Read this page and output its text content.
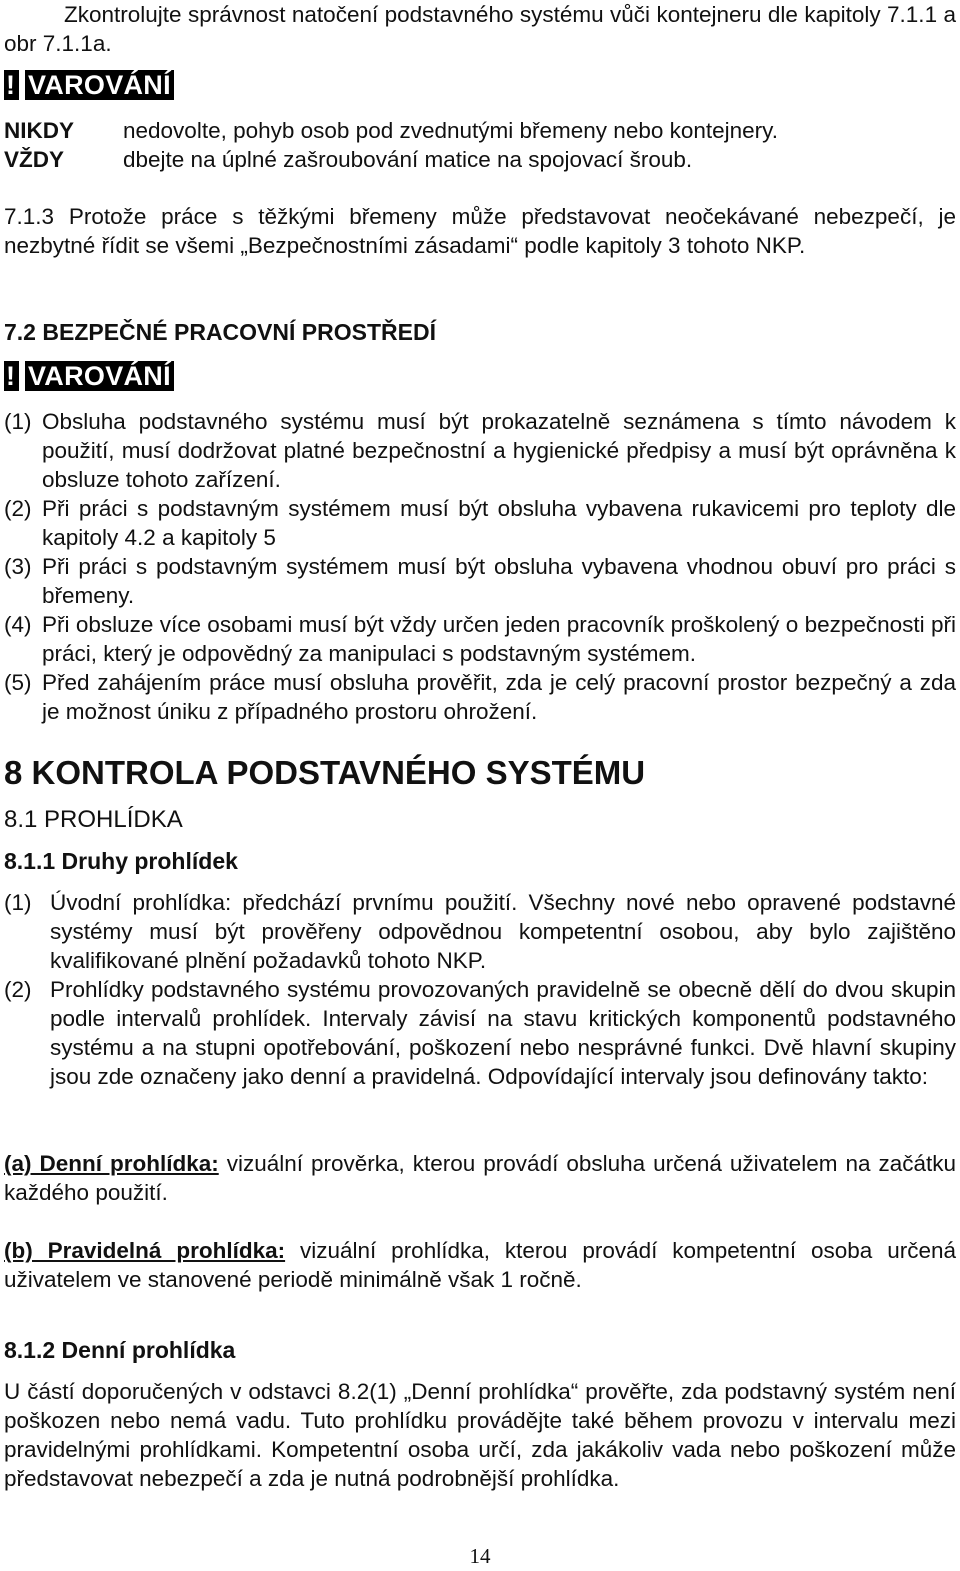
Zkontrolujte správnost natočení podstavného systému vůči kontejneru dle kapitoly 7.1.1 a obr 7.1.1a.

! VAROVÁNÍ
NIKDY nedovolte, pohyb osob pod zvednutými břemeny nebo kontejnery.
VŽDY	dbejte na úplné zašroubování matice na spojovací šroub.

7.1.3 Protože práce s těžkými břemeny může představovat neočekávané nebezpečí, je nezbytné řídit se všemi „Bezpečnostními zásadami“ podle kapitoly 3 tohoto NKP.

7.2 BEZPEČNÉ PRACOVNÍ PROSTŘEDÍ
! VAROVÁNÍ
(1) Obsluha podstavného systému musí být prokazatelně seznámena s tímto návodem k použití, musí dodržovat platné bezpečnostní a hygienické předpisy a musí být oprávněna k obsluze tohoto zařízení.

(2) Při práci s podstavným systémem musí být obsluha vybavena rukavicemi pro teploty dle kapitoly 4.2 a kapitoly 5

(3) Při práci s podstavným systémem musí být obsluha vybavena vhodnou obuví pro práci s břemeny.

(4) Při obsluze více osobami musí být vždy určen jeden pracovník proškolený o bezpečnosti při práci, který je odpovědný za manipulaci s podstavným systémem.

(5) Před zahájením práce musí obsluha prověřit, zda je celý pracovní prostor bezpečný a zda je možnost úniku z případného prostoru ohrožení.

8 KONTROLA PODSTAVNÉHO SYSTÉMU
8.1 PROHLÍDKA
8.1.1 Druhy prohlídek
(1) Úvodní prohlídka: předchází prvnímu použití. Všechny nové nebo opravené podstavné systémy musí být prověřeny odpovědnou kompetentní osobou, aby bylo zajištěno kvalifikované plnění požadavků tohoto NKP.

(2) Prohlídky podstavného systému provozovaných pravidelně se obecně dělí do dvou skupin podle intervalů prohlídek. Intervaly závisí na stavu kritických komponentů podstavného systému a na stupni opotřebování, poškození nebo nesprávné funkci. Dvě hlavní skupiny jsou zde označeny jako denní a pravidelná. Odpovídající intervaly jsou definovány takto:

(a) Denní prohlídka: vizuální prověrka, kterou provádí obsluha určená uživatelem na začátku každého použití.

(b) Pravidelná prohlídka: vizuální prohlídka, kterou provádí kompetentní osoba určená uživatelem ve stanovené periodě minimálně však 1 ročně.

8.1.2 Denní prohlídka

U částí doporučených v odstavci 8.2(1) „Denní prohlídka“ prověřte, zda podstavný systém není poškozen nebo nemá vadu. Tuto prohlídku provádějte také během provozu v intervalu mezi pravidelnými prohlídkami. Kompetentní osoba určí, zda jakákoliv vada nebo poškození může představovat nebezpečí a zda je nutná podrobnější prohlídka.

14
